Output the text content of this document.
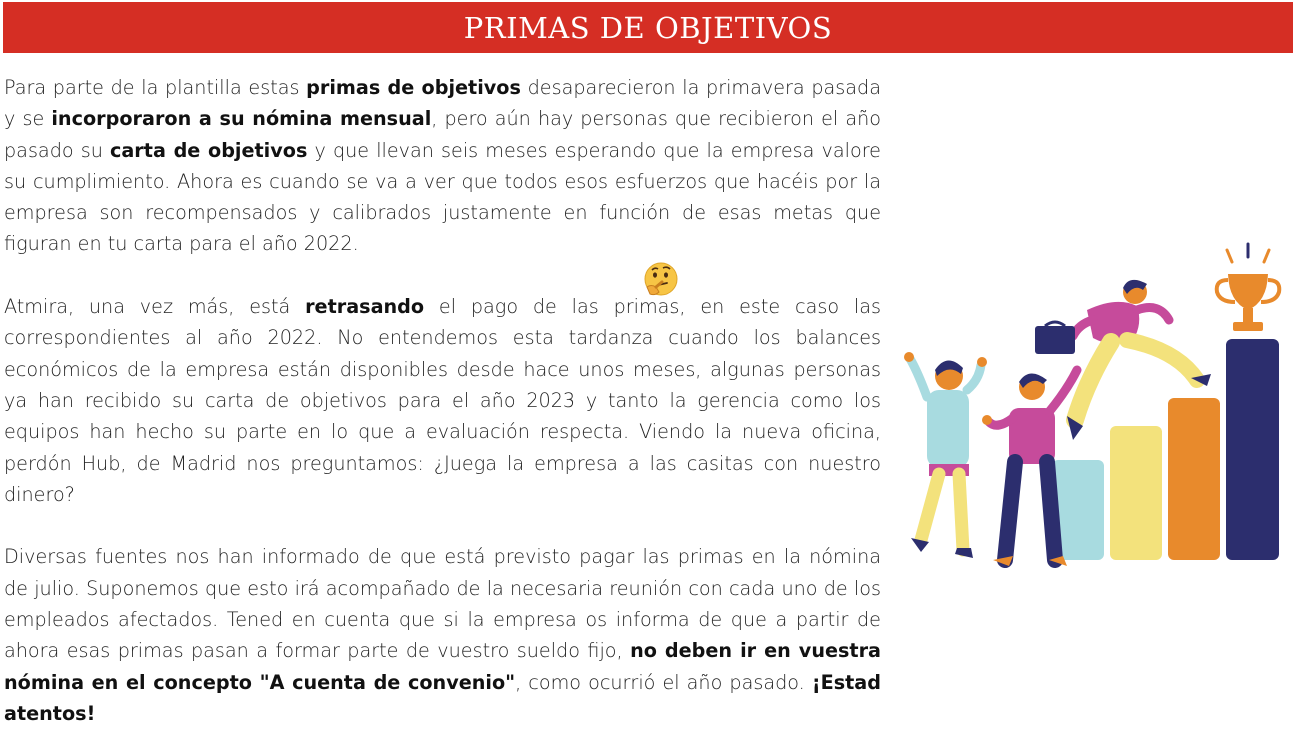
PRIMAS DE OBJETIVOS

Para parte de la plantilla estas primas de objetivos desaparecieron la primavera pasada y se incorporaron a su nómina mensual, pero aún hay personas que recibieron el año pasado su carta de objetivos y que llevan seis meses esperando que la empresa valore su cumplimiento. Ahora es cuando se va a ver que todos esos esfuerzos que hacéis por la empresa son recompensados y calibrados justamente en función de esas metas que figuran en tu carta para el año 2022.

Atmira, una vez más, está retrasando el pago de las primas, en este caso las correspondientes al año 2022. No entendemos esta tardanza cuando los balances económicos de la empresa están disponibles desde hace unos meses, algunas personas ya han recibido su carta de objetivos para el año 2023 y tanto la gerencia como los equipos han hecho su parte en lo que a evaluación respecta. Viendo la nueva oficina, perdón Hub, de Madrid nos preguntamos: ¿Juega la empresa a las casitas con nuestro dinero?

Diversas fuentes nos han informado de que está previsto pagar las primas en la nómina de julio. Suponemos que esto irá acompañado de la necesaria reunión con cada uno de los empleados afectados. Tened en cuenta que si la empresa os informa de que a partir de ahora esas primas pasan a formar parte de vuestro sueldo fijo, no deben ir en vuestra nómina en el concepto "A cuenta de convenio", como ocurrió el año pasado. ¡Estad atentos!
